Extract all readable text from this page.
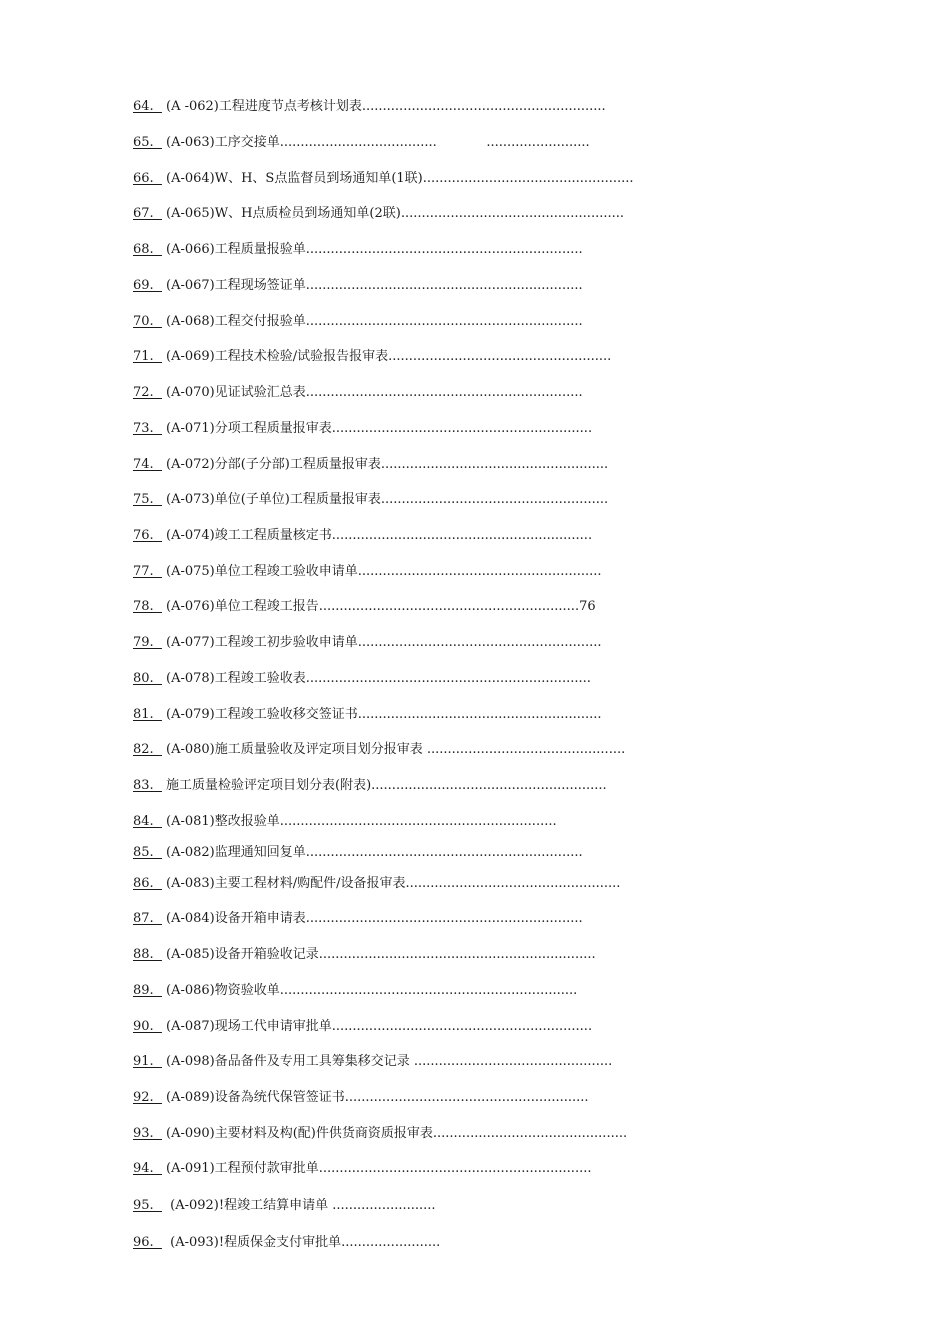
64.  (A -062)工程进度节点考核计划表...........................................................
65.  (A-063)工序交接单......................................            .........................
66.  (A-064)W、H、S点监督员到场通知单(1联)...................................................
67.  (A-065)W、H点质检员到场通知单(2联)......................................................
68.  (A-066)工程质量报验单...................................................................
69.  (A-067)工程现场签证单...................................................................
70.  (A-068)工程交付报验单...................................................................
71.  (A-069)工程技术检验/试验报告报审表......................................................
72.  (A-070)见证试验汇总表...................................................................
73.  (A-071)分项工程质量报审表...............................................................
74.  (A-072)分部(子分部)工程质量报审表.......................................................
75.  (A-073)单位(子单位)工程质量报审表.......................................................
76.  (A-074)竣工工程质量核定书...............................................................
77.  (A-075)单位工程竣工验收申请单...........................................................
78.  (A-076)单位工程竣工报告...............................................................76
79.  (A-077)工程竣工初步验收申请单...........................................................
80.  (A-078)工程竣工验收表.....................................................................
81.  (A-079)工程竣工验收移交签证书...........................................................
82.  (A-080)施工质量验收及评定项目划分报审表 ................................................
83.  施工质量检验评定项目划分表(附表).........................................................
84.  (A-081)整改报验单...................................................................
85.  (A-082)监理通知回复单...................................................................
86.  (A-083)主要工程材料/购配件/设备报审表....................................................
87.  (A-084)设备开箱申请表...................................................................
88.  (A-085)设备开箱验收记录...................................................................
89.  (A-086)物资验收单........................................................................
90.  (A-087)现场工代申请审批单...............................................................
91.  (A-098)备品备件及专用工具筹集移交记录 ................................................
92.  (A-089)设备為统代保管签证书...........................................................
93.  (A-090)主要材料及构(配)件供货商资质报审表...............................................
94.  (A-091)工程预付款审批单..................................................................
95.   (A-092)!程竣工结算申请单 .........................
96.   (A-093)!程质保金支付审批单........................
